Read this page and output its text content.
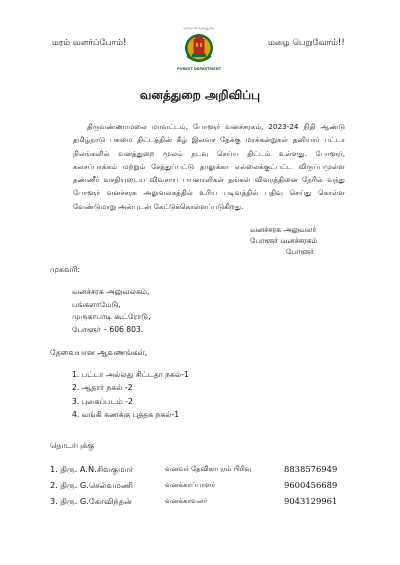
மரம் வளர்ப்போம்!	மழை பெறுவோம்!!
தமிழ்நாடு வனத்துறை
FOREST DEPARTMENT
வனத்துறை அறிவிப்பு
திருவண்ணாமலை மாவட்டம், போளூர் வனச்சரகம், 2023-24 நிதி ஆண்டு தமிழ்நாடு பசுமை திட்டத்தின் கீழ் இலவச தேக்கு மரக்கன்றுகள் தனியார் பட்டா நிலங்களில் வனத்துறை மூலம் நடவு செய்ய திட்டம் உள்ளது. போளூர், கலசப்பாக்கம் மற்றும் சேத்துப்பட்டு தாலுக்கா எல்லைக்குட்பட்ட விருப்பமுள்ள தண்ணீர் வசதியுடைய விவசாய பயனாளிகள் தங்கள் விவரத்தினை நேரில் வந்து போளூர் வனச்சரக அலுவலகத்தில் உரிய படிவத்தில் பதிவு செய்து கொள்ள வேண்டுமாறு அன்புடன் கேட்டுக்கொள்ளப்படுகிறது.
வனச்சரக அலுவலர்
போளூர் வனச்சரகம்
போளூர்
முகவரி:
வனச்சரக அலுவலகம்,
பங்களாமேடு,
முருகாபாடி கூட்ரோடு,
போளூர் – 606 803.
தேவையான ஆவணங்கள்,
1. பட்டா அல்லது சிட்டதா நகல்-1
2. ஆதார் நகல் -2
3. புகைப்படம் -2
4. வங்கி கணக்கு புத்தக நகல்-1
தொடர்புக்கு
1. திரு. A.N.சிவகுமார்	வனவர் தேவிகாபுரம் பிரிவு	8838576949
2. திரு. G.செல்வமணி	வனக்காப்பாளர்	9600456689
3. திரு. G.கோவிந்தன்	வனக்காவலர்	9043129961
